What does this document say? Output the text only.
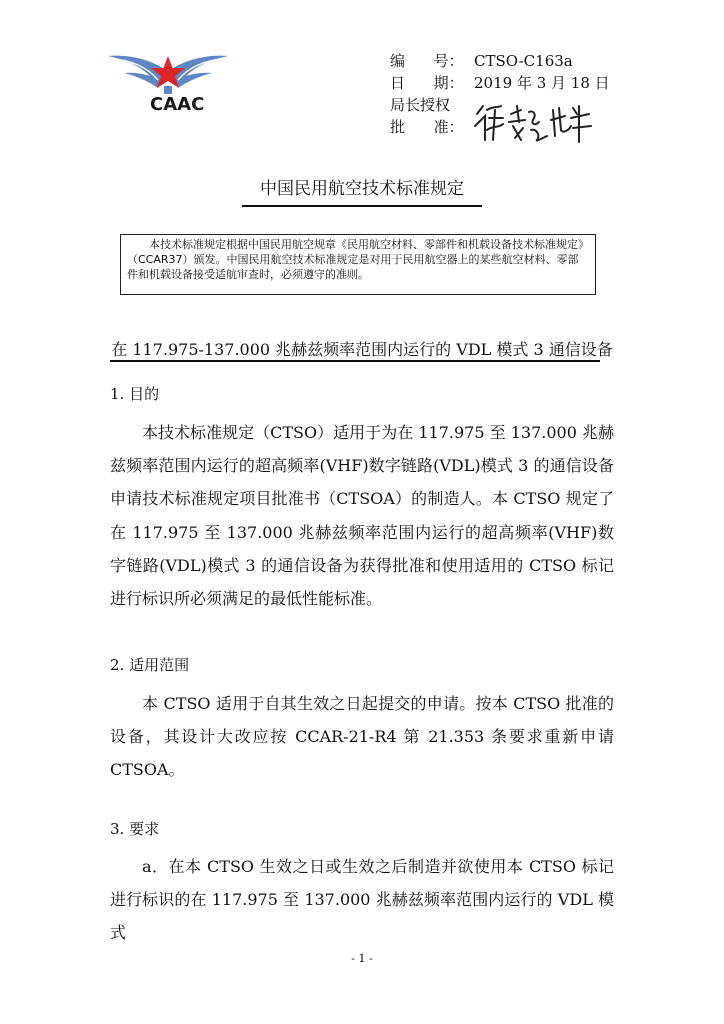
CAAC
编      号： CTSO-C163a
日      期： 2019 年 3 月 18 日
局长授权
批      准：
中国民用航空技术标准规定
本技术标准规定根据中国民用航空规章《民用航空材料、零部件和机载设备技术标准规定》（CCAR37）颁发。中国民用航空技术标准规定是对用于民用航空器上的某些航空材料、零部件和机载设备接受适航审查时，必须遵守的准则。
在 117.975-137.000 兆赫兹频率范围内运行的 VDL 模式 3 通信设备
1. 目的
本技术标准规定（CTSO）适用于为在 117.975 至 137.000 兆赫兹频率范围内运行的超高频率(VHF)数字链路(VDL)模式 3 的通信设备申请技术标准规定项目批准书（CTSOA）的制造人。本 CTSO 规定了在 117.975 至 137.000 兆赫兹频率范围内运行的超高频率(VHF)数字链路(VDL)模式 3 的通信设备为获得批准和使用适用的 CTSO 标记进行标识所必须满足的最低性能标准。
2. 适用范围
本 CTSO 适用于自其生效之日起提交的申请。按本 CTSO 批准的设备，其设计大改应按 CCAR-21-R4 第 21.353 条要求重新申请 CTSOA。
3. 要求
a．在本 CTSO 生效之日或生效之后制造并欲使用本 CTSO 标记进行标识的在 117.975 至 137.000 兆赫兹频率范围内运行的 VDL 模式
- 1 -
